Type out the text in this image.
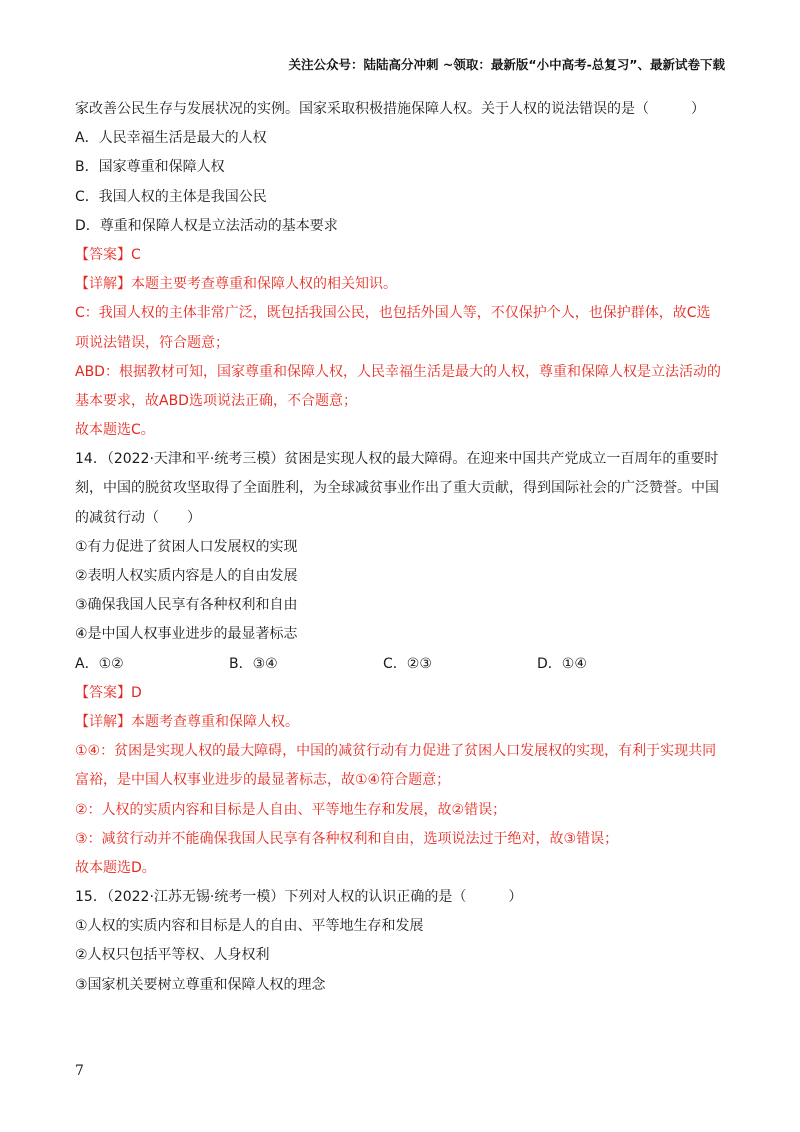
关注公众号：陆陆高分冲刺 ~领取：最新版“小中高考-总复习”、最新试卷下载
家改善公民生存与发展状况的实例。国家采取积极措施保障人权。关于人权的说法错误的是（　　　）
A．人民幸福生活是最大的人权
B．国家尊重和保障人权
C．我国人权的主体是我国公民
D．尊重和保障人权是立法活动的基本要求
【答案】C
【详解】本题主要考查尊重和保障人权的相关知识。
C：我国人权的主体非常广泛，既包括我国公民，也包括外国人等，不仅保护个人，也保护群体，故C选
项说法错误，符合题意；
ABD：根据教材可知，国家尊重和保障人权，人民幸福生活是最大的人权，尊重和保障人权是立法活动的
基本要求，故ABD选项说法正确，不合题意；
故本题选C。
14．（2022·天津和平·统考三模）贫困是实现人权的最大障碍。在迎来中国共产党成立一百周年的重要时
刻，中国的脱贫攻坚取得了全面胜利，为全球减贫事业作出了重大贡献，得到国际社会的广泛赞誉。中国
的减贫行动（　　）
①有力促进了贫困人口发展权的实现
②表明人权实质内容是人的自由发展
③确保我国人民享有各种权利和自由
④是中国人权事业进步的最显著标志
A．①②	B．③④	C．②③	D．①④
【答案】D
【详解】本题考查尊重和保障人权。
①④：贫困是实现人权的最大障碍，中国的减贫行动有力促进了贫困人口发展权的实现，有利于实现共同
富裕，是中国人权事业进步的最显著标志，故①④符合题意；
②：人权的实质内容和目标是人自由、平等地生存和发展，故②错误；
③：减贫行动并不能确保我国人民享有各种权利和自由，选项说法过于绝对，故③错误；
故本题选D。
15．（2022·江苏无锡·统考一模）下列对人权的认识正确的是（　　　）
①人权的实质内容和目标是人的自由、平等地生存和发展
②人权只包括平等权、人身权利
③国家机关要树立尊重和保障人权的理念
7
